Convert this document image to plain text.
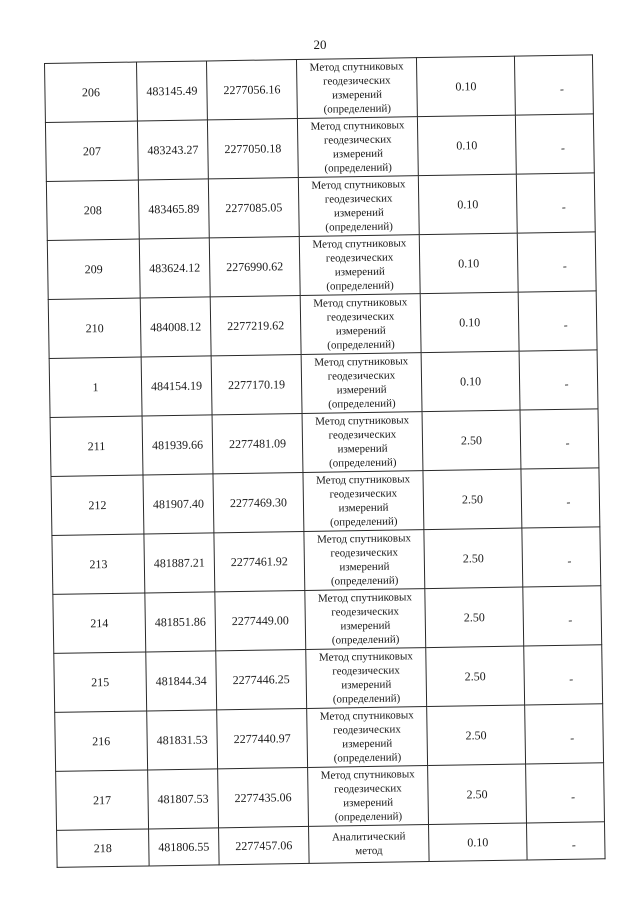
20
206	483145.49	2277056.16	Метод спутниковых
геодезических
измерений
(определений)	0.10	-
207	483243.27	2277050.18	Метод спутниковых
геодезических
измерений
(определений)	0.10	-
208	483465.89	2277085.05	Метод спутниковых
геодезических
измерений
(определений)	0.10	-
209	483624.12	2276990.62	Метод спутниковых
геодезических
измерений
(определений)	0.10	-
210	484008.12	2277219.62	Метод спутниковых
геодезических
измерений
(определений)	0.10	-
1	484154.19	2277170.19	Метод спутниковых
геодезических
измерений
(определений)	0.10	-
211	481939.66	2277481.09	Метод спутниковых
геодезических
измерений
(определений)	2.50	-
212	481907.40	2277469.30	Метод спутниковых
геодезических
измерений
(определений)	2.50	-
213	481887.21	2277461.92	Метод спутниковых
геодезических
измерений
(определений)	2.50	-
214	481851.86	2277449.00	Метод спутниковых
геодезических
измерений
(определений)	2.50	-
215	481844.34	2277446.25	Метод спутниковых
геодезических
измерений
(определений)	2.50	-
216	481831.53	2277440.97	Метод спутниковых
геодезических
измерений
(определений)	2.50	-
217	481807.53	2277435.06	Метод спутниковых
геодезических
измерений
(определений)	2.50	-
218	481806.55	2277457.06	Аналитический
метод	0.10	-
